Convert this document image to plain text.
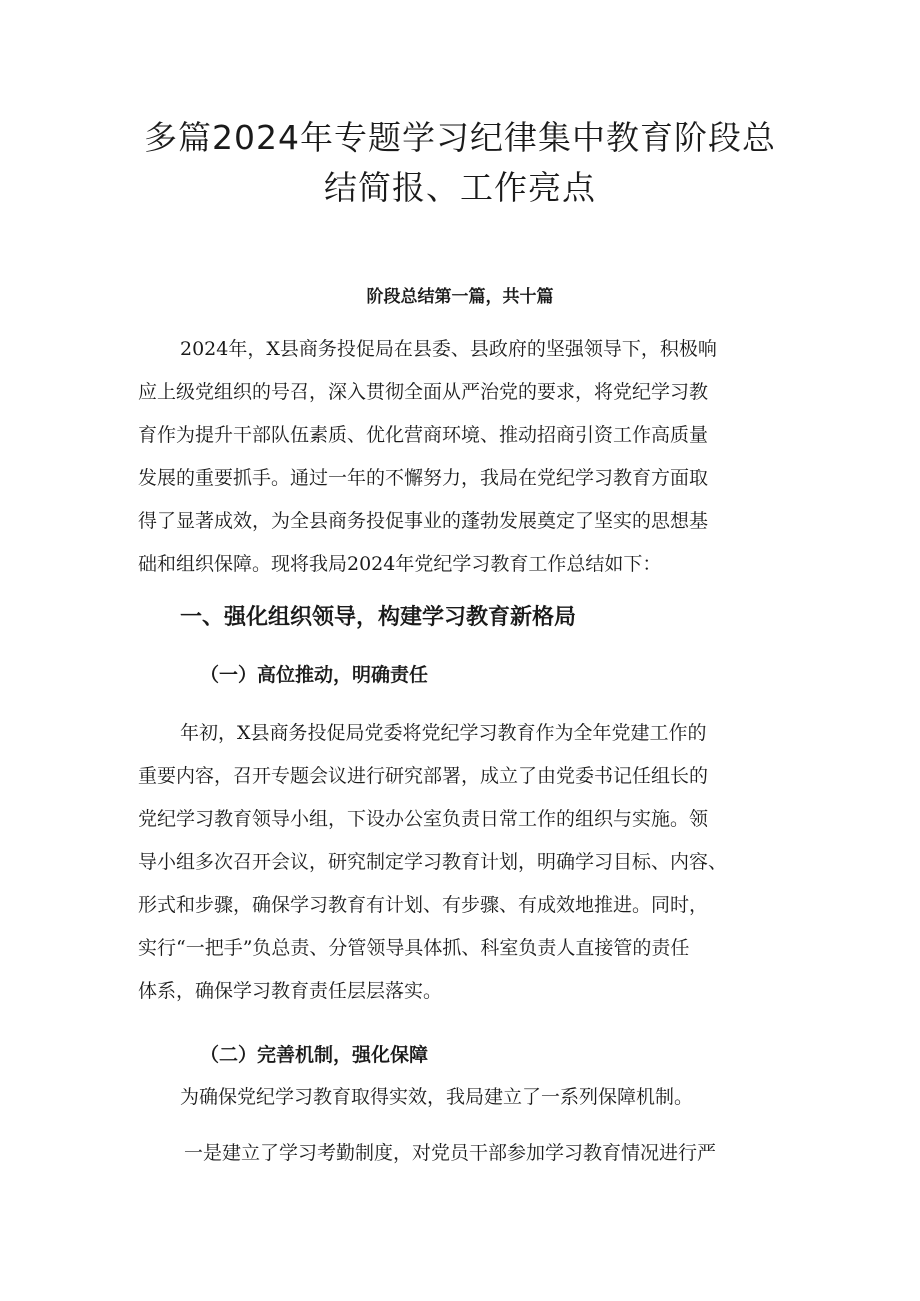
多篇2024年专题学习纪律集中教育阶段总
结简报、工作亮点
阶段总结第一篇，共十篇

2024年，X县商务投促局在县委、县政府的坚强领导下，积极响
应上级党组织的号召，深入贯彻全面从严治党的要求，将党纪学习教
育作为提升干部队伍素质、优化营商环境、推动招商引资工作高质量
发展的重要抓手。通过一年的不懈努力，我局在党纪学习教育方面取
得了显著成效，为全县商务投促事业的蓬勃发展奠定了坚实的思想基
础和组织保障。现将我局2024年党纪学习教育工作总结如下：

一、强化组织领导，构建学习教育新格局
（一）高位推动，明确责任

年初，X县商务投促局党委将党纪学习教育作为全年党建工作的
重要内容，召开专题会议进行研究部署，成立了由党委书记任组长的
党纪学习教育领导小组，下设办公室负责日常工作的组织与实施。领
导小组多次召开会议，研究制定学习教育计划，明确学习目标、内容、
形式和步骤，确保学习教育有计划、有步骤、有成效地推进。同时，
实行“一把手”负总责、分管领导具体抓、科室负责人直接管的责任
体系，确保学习教育责任层层落实。

（二）完善机制，强化保障

为确保党纪学习教育取得实效，我局建立了一系列保障机制。

一是建立了学习考勤制度，对党员干部参加学习教育情况进行严
